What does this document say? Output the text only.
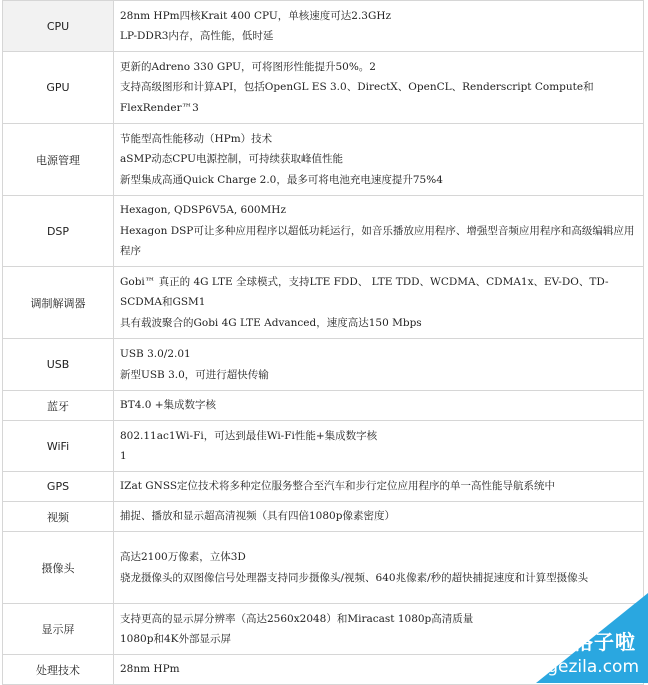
CPU	28nm HPm四核Krait 400 CPU，单核速度可达2.3GHz
LP-DDR3内存，高性能，低时延

GPU	更新的Adreno 330 GPU，可将图形性能提升50%。2
支持高级图形和计算API，包括OpenGL ES 3.0、DirectX、OpenCL、Renderscript Compute和FlexRender™3

电源管理	节能型高性能移动（HPm）技术
aSMP动态CPU电源控制，可持续获取峰值性能
新型集成高通Quick Charge 2.0，最多可将电池充电速度提升75%4

DSP	Hexagon, QDSP6V5A, 600MHz
Hexagon DSP可让多种应用程序以超低功耗运行，如音乐播放应用程序、增强型音频应用程序和高级编辑应用程序

调制解调器	Gobi™ 真正的 4G LTE 全球模式，支持LTE FDD、 LTE TDD、WCDMA、CDMA1x、EV-DO、TD-SCDMA和GSM1
具有载波聚合的Gobi 4G LTE Advanced，速度高达150 Mbps

USB	USB 3.0/2.01
新型USB 3.0，可进行超快传输

蓝牙	BT4.0 +集成数字核

WiFi	802.11ac1Wi-Fi，可达到最佳Wi-Fi性能+集成数字核
1

GPS	IZat GNSS定位技术将多种定位服务整合至汽车和步行定位应用程序的单一高性能导航系统中

视频	捕捉、播放和显示超高清视频（具有四倍1080p像素密度）

摄像头	高达2100万像素，立体3D
骁龙摄像头的双图像信号处理器支持同步摄像头/视频、640兆像素/秒的超快捕捉速度和计算型摄像头

显示屏	支持更高的显示屏分辨率（高达2560x2048）和Miracast 1080p高清质量
1080p和4K外部显示屏

处理技术	28nm HPm
格子啦
gezila.com
